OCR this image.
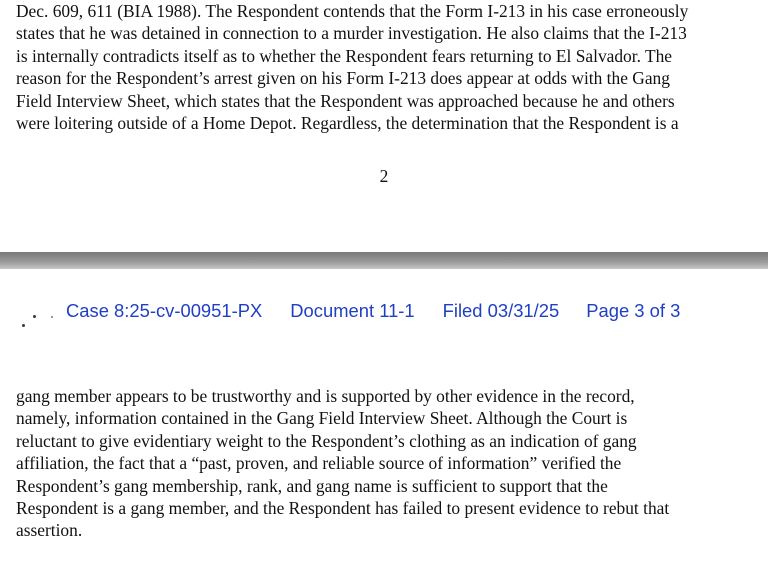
Dec. 609, 611 (BIA 1988). The Respondent contends that the Form I-213 in his case erroneously
states that he was detained in connection to a murder investigation. He also claims that the I-213
is internally contradicts itself as to whether the Respondent fears returning to El Salvador. The
reason for the Respondent’s arrest given on his Form I-213 does appear at odds with the Gang
Field Interview Sheet, which states that the Respondent was approached because he and others
were loitering outside of a Home Depot. Regardless, the determination that the Respondent is a

2
Case 8:25-cv-00951-PX Document 11-1 Filed 03/31/25 Page 3 of 3

gang member appears to be trustworthy and is supported by other evidence in the record,
namely, information contained in the Gang Field Interview Sheet. Although the Court is
reluctant to give evidentiary weight to the Respondent’s clothing as an indication of gang
affiliation, the fact that a “past, proven, and reliable source of information” verified the
Respondent’s gang membership, rank, and gang name is sufficient to support that the
Respondent is a gang member, and the Respondent has failed to present evidence to rebut that
assertion.
